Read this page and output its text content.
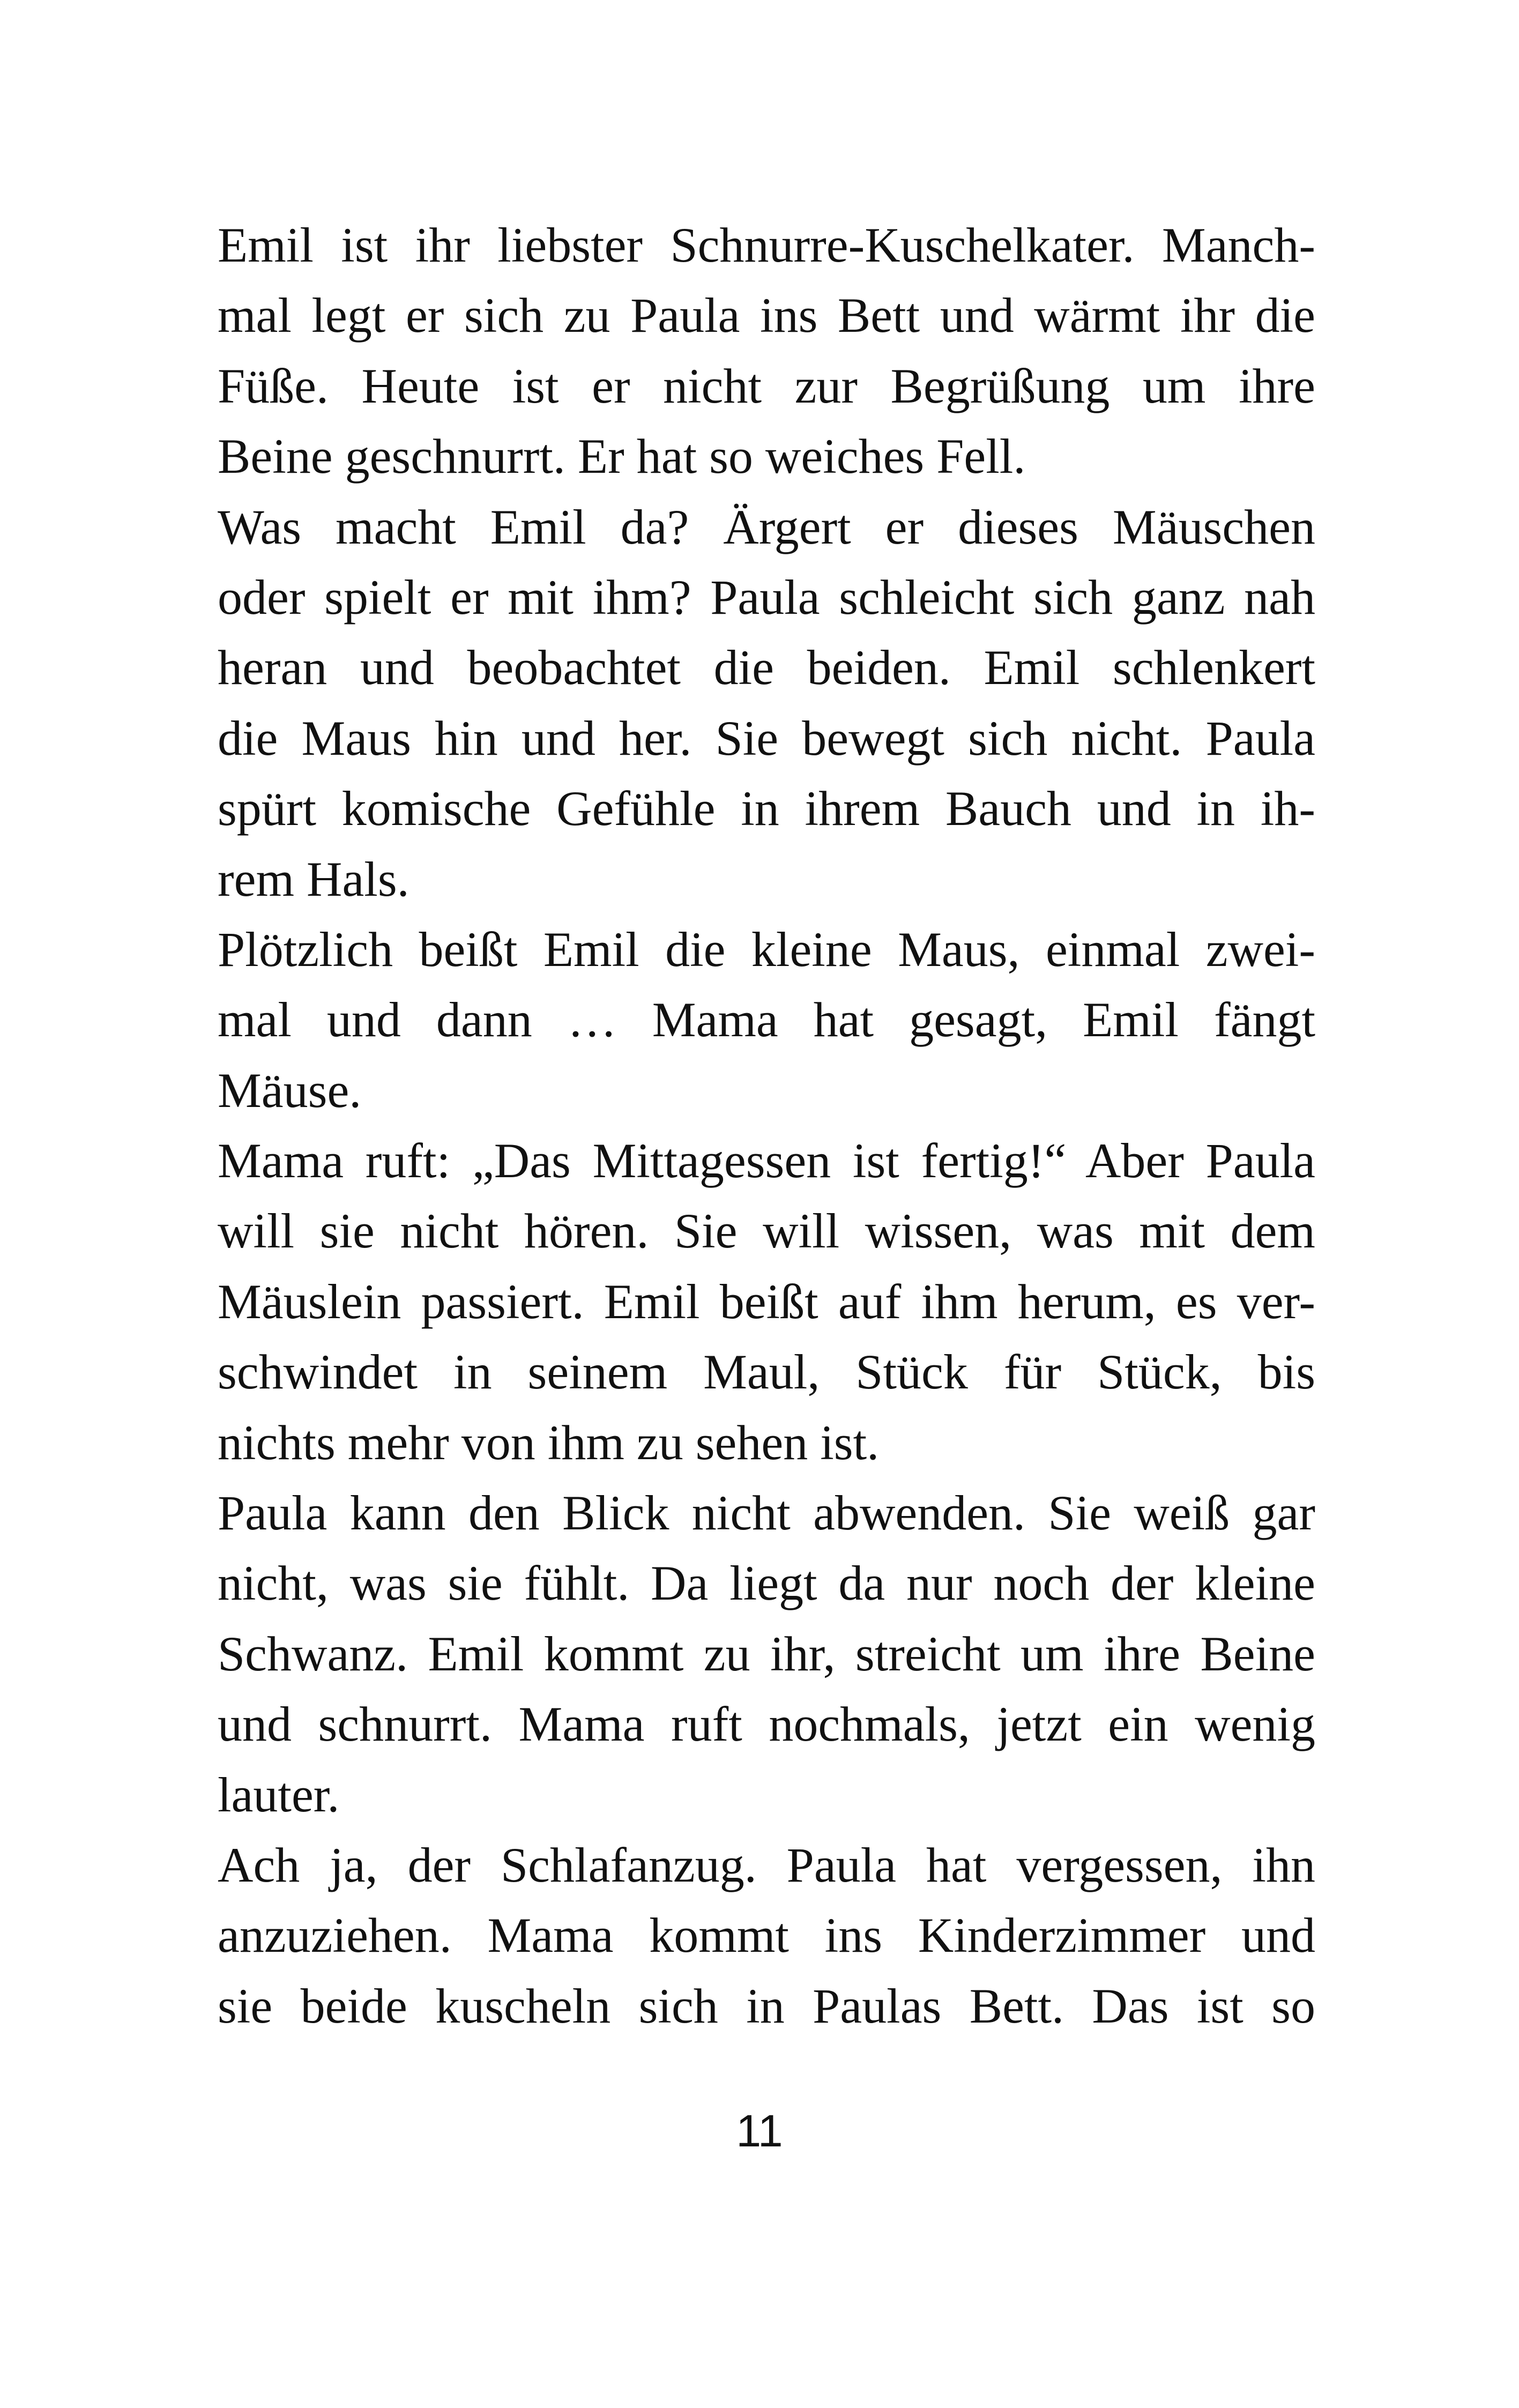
Emil ist ihr liebster Schnurre-Kuschelkater. Manch-
mal legt er sich zu Paula ins Bett und wärmt ihr die
Füße. Heute ist er nicht zur Begrüßung um ihre
Beine geschnurrt. Er hat so weiches Fell.
Was macht Emil da? Ärgert er dieses Mäuschen
oder spielt er mit ihm? Paula schleicht sich ganz nah
heran und beobachtet die beiden. Emil schlenkert
die Maus hin und her. Sie bewegt sich nicht. Paula
spürt komische Gefühle in ihrem Bauch und in ih-
rem Hals.
Plötzlich beißt Emil die kleine Maus, einmal zwei-
mal und dann … Mama hat gesagt, Emil fängt
Mäuse.
Mama ruft: „Das Mittagessen ist fertig!“ Aber Paula
will sie nicht hören. Sie will wissen, was mit dem
Mäuslein passiert. Emil beißt auf ihm herum, es ver-
schwindet in seinem Maul, Stück für Stück, bis
nichts mehr von ihm zu sehen ist.
Paula kann den Blick nicht abwenden. Sie weiß gar
nicht, was sie fühlt. Da liegt da nur noch der kleine
Schwanz. Emil kommt zu ihr, streicht um ihre Beine
und schnurrt. Mama ruft nochmals, jetzt ein wenig
lauter.
Ach ja, der Schlafanzug. Paula hat vergessen, ihn
anzuziehen. Mama kommt ins Kinderzimmer und
sie beide kuscheln sich in Paulas Bett. Das ist so
11
